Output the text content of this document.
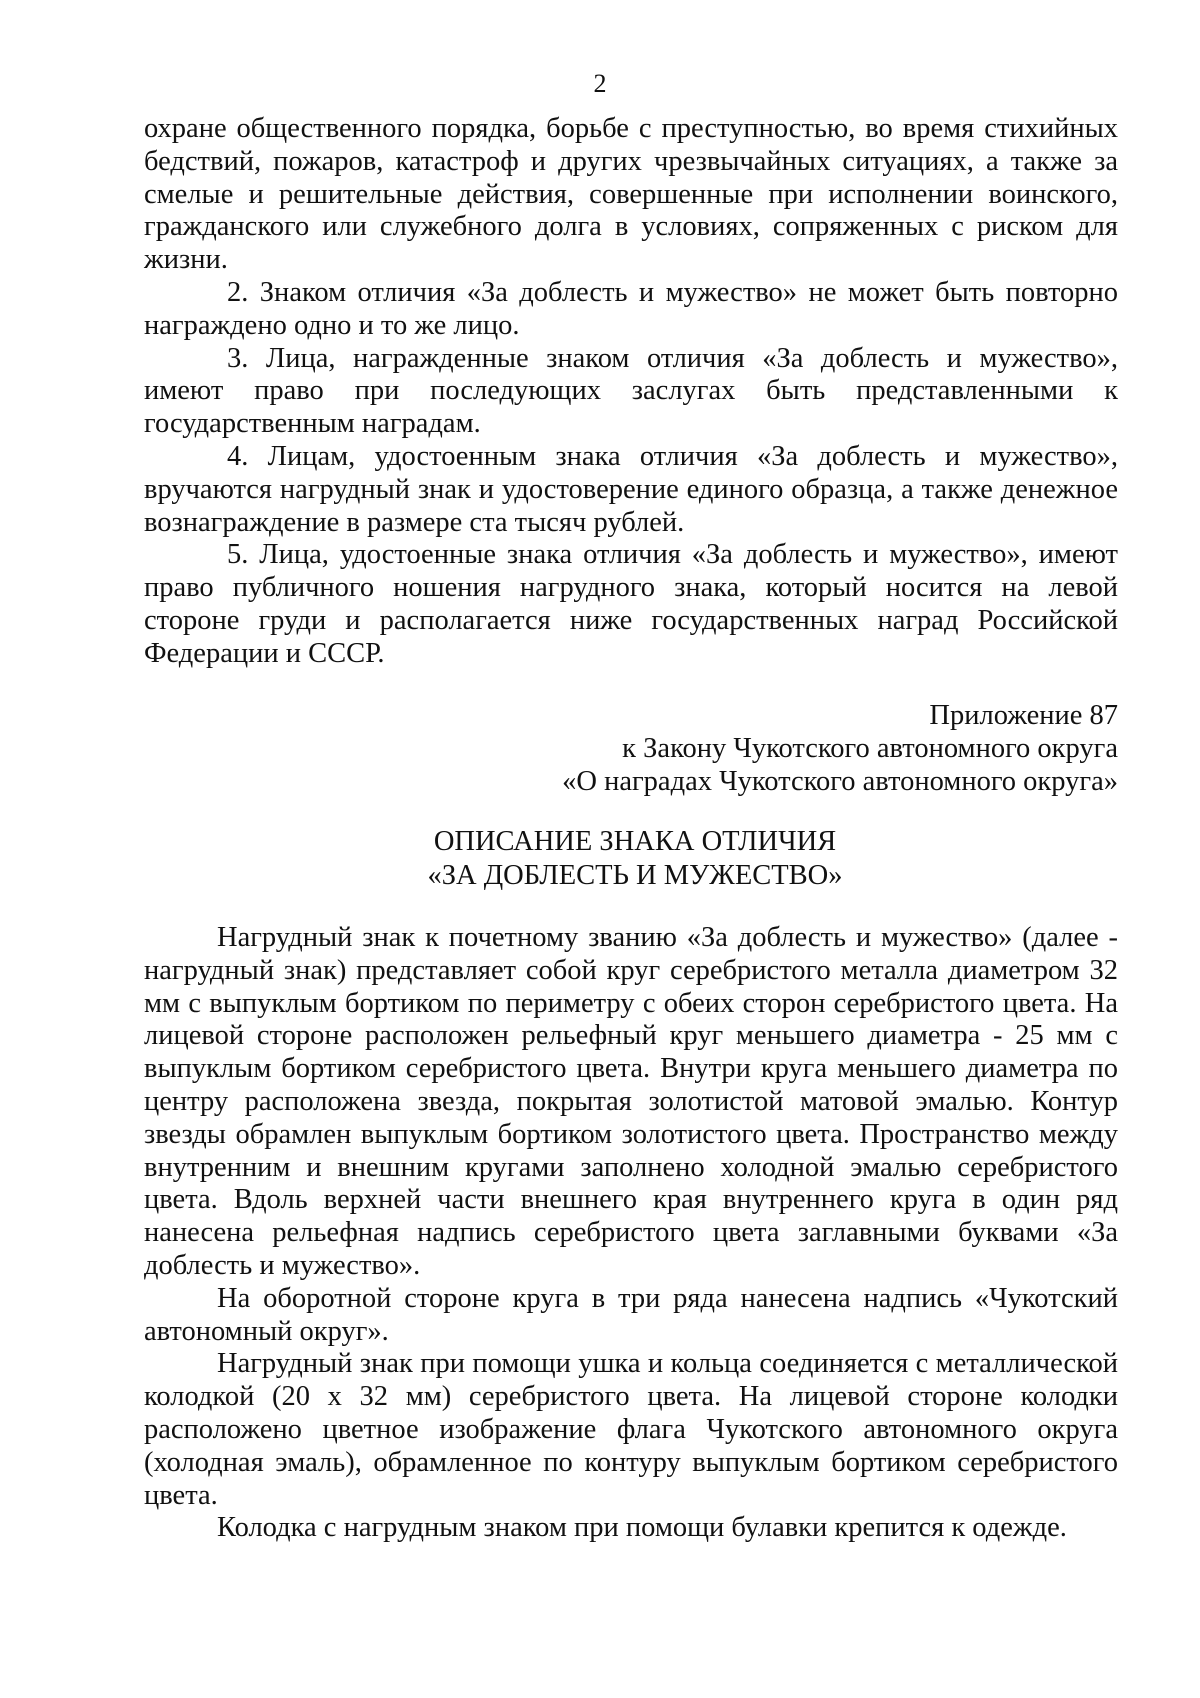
2

охране общественного порядка, борьбе с преступностью, во время стихийных бедствий, пожаров, катастроф и других чрезвычайных ситуациях, а также за смелые и решительные действия, совершенные при исполнении воинского, гражданского или служебного долга в условиях, сопряженных с риском для жизни.

2. Знаком отличия «За доблесть и мужество» не может быть повторно награждено одно и то же лицо.

3. Лица, награжденные знаком отличия «За доблесть и мужество», имеют право при последующих заслугах быть представленными к государственным наградам.

4. Лицам, удостоенным знака отличия «За доблесть и мужество», вручаются нагрудный знак и удостоверение единого образца, а также денежное вознаграждение в размере ста тысяч рублей.

5. Лица, удостоенные знака отличия «За доблесть и мужество», имеют право публичного ношения нагрудного знака, который носится на левой стороне груди и располагается ниже государственных наград Российской Федерации и СССР.

Приложение 87
к Закону Чукотского автономного округа
«О наградах Чукотского автономного округа»
ОПИСАНИЕ ЗНАКА ОТЛИЧИЯ
«ЗА ДОБЛЕСТЬ И МУЖЕСТВО»

Нагрудный знак к почетному званию «За доблесть и мужество» (далее - нагрудный знак) представляет собой круг серебристого металла диаметром 32 мм с выпуклым бортиком по периметру с обеих сторон серебристого цвета. На лицевой стороне расположен рельефный круг меньшего диаметра - 25 мм с выпуклым бортиком серебристого цвета. Внутри круга меньшего диаметра по центру расположена звезда, покрытая золотистой матовой эмалью. Контур звезды обрамлен выпуклым бортиком золотистого цвета. Пространство между внутренним и внешним кругами заполнено холодной эмалью серебристого цвета. Вдоль верхней части внешнего края внутреннего круга в один ряд нанесена рельефная надпись серебристого цвета заглавными буквами «За доблесть и мужество».

На оборотной стороне круга в три ряда нанесена надпись «Чукотский автономный округ».

Нагрудный знак при помощи ушка и кольца соединяется с металлической колодкой (20 х 32 мм) серебристого цвета. На лицевой стороне колодки расположено цветное изображение флага Чукотского автономного округа (холодная эмаль), обрамленное по контуру выпуклым бортиком серебристого цвета.

Колодка с нагрудным знаком при помощи булавки крепится к одежде.
